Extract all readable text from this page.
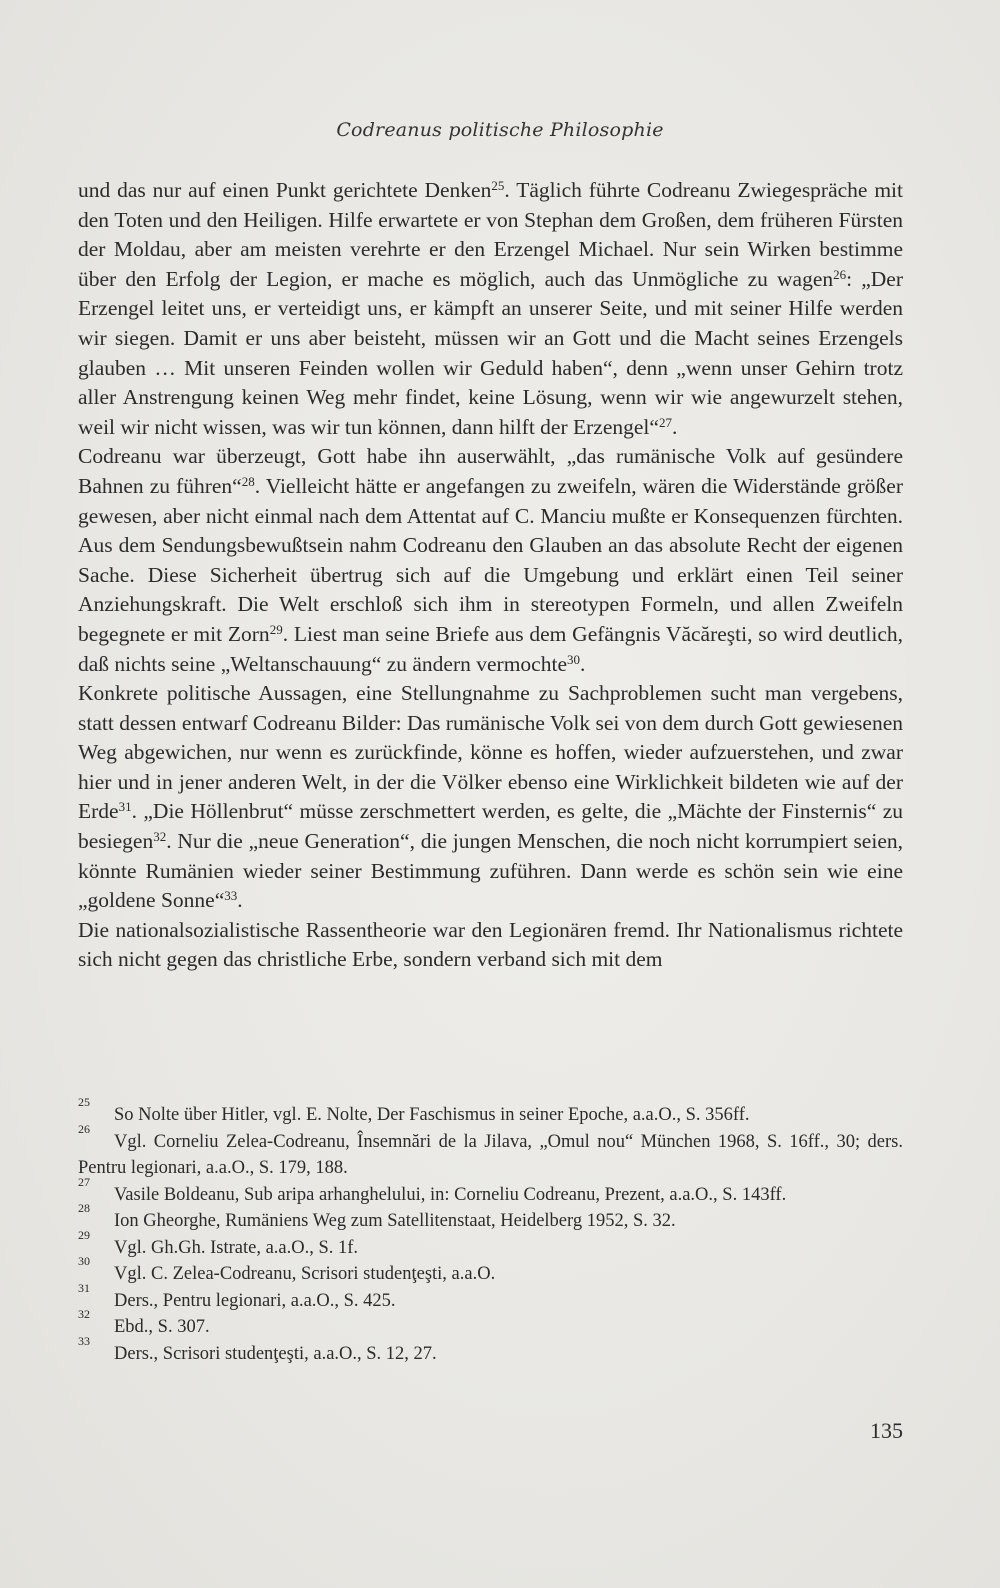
Codreanus politische Philosophie

und das nur auf einen Punkt gerichtete Denken$^{25}$. Täglich führte Codreanu Zwiegespräche mit den Toten und den Heiligen. Hilfe erwartete er von Stephan dem Großen, dem früheren Fürsten der Moldau, aber am meisten verehrte er den Erzengel Michael. Nur sein Wirken bestimme über den Erfolg der Legion, er mache es möglich, auch das Unmögliche zu wagen$^{26}$: „Der Erzengel leitet uns, er verteidigt uns, er kämpft an unserer Seite, und mit seiner Hilfe werden wir siegen. Damit er uns aber beisteht, müssen wir an Gott und die Macht seines Erzengels glauben … Mit unseren Feinden wollen wir Geduld haben“, denn „wenn unser Gehirn trotz aller Anstrengung keinen Weg mehr findet, keine Lösung, wenn wir wie angewurzelt stehen, weil wir nicht wissen, was wir tun können, dann hilft der Erzengel“$^{27}$.

Codreanu war überzeugt, Gott habe ihn auserwählt, „das rumänische Volk auf gesündere Bahnen zu führen“$^{28}$. Vielleicht hätte er angefangen zu zweifeln, wären die Widerstände größer gewesen, aber nicht einmal nach dem Attentat auf C. Manciu mußte er Konsequenzen fürchten. Aus dem Sendungsbewußtsein nahm Codreanu den Glauben an das absolute Recht der eigenen Sache. Diese Sicherheit übertrug sich auf die Umgebung und erklärt einen Teil seiner Anziehungskraft. Die Welt erschloß sich ihm in stereotypen Formeln, und allen Zweifeln begegnete er mit Zorn$^{29}$. Liest man seine Briefe aus dem Gefängnis Văcăreşti, so wird deutlich, daß nichts seine „Weltanschauung“ zu ändern vermochte$^{30}$.

Konkrete politische Aussagen, eine Stellungnahme zu Sachproblemen sucht man vergebens, statt dessen entwarf Codreanu Bilder: Das rumänische Volk sei von dem durch Gott gewiesenen Weg abgewichen, nur wenn es zurückfinde, könne es hoffen, wieder aufzuerstehen, und zwar hier und in jener anderen Welt, in der die Völker ebenso eine Wirklichkeit bildeten wie auf der Erde$^{31}$. „Die Höllenbrut“ müsse zerschmettert werden, es gelte, die „Mächte der Finsternis“ zu besiegen$^{32}$. Nur die „neue Generation“, die jungen Menschen, die noch nicht korrumpiert seien, könnte Rumänien wieder seiner Bestimmung zuführen. Dann werde es schön sein wie eine „goldene Sonne“$^{33}$.

Die nationalsozialistische Rassentheorie war den Legionären fremd. Ihr Nationalismus richtete sich nicht gegen das christliche Erbe, sondern verband sich mit dem

25
So Nolte über Hitler, vgl. E. Nolte, Der Faschismus in seiner Epoche, a.a.O., S. 356ff.
26
Vgl. Corneliu Zelea-Codreanu, Însemnări de la Jilava, „Omul nou“ München 1968, S. 16ff., 30; ders. Pentru legionari, a.a.O., S. 179, 188.
27
Vasile Boldeanu, Sub aripa arhanghelului, in: Corneliu Codreanu, Prezent, a.a.O., S. 143ff.
28
Ion Gheorghe, Rumäniens Weg zum Satellitenstaat, Heidelberg 1952, S. 32.
29
Vgl. Gh.Gh. Istrate, a.a.O., S. 1f.
30
Vgl. C. Zelea-Codreanu, Scrisori studenţeşti, a.a.O.
31
Ders., Pentru legionari, a.a.O., S. 425.
32
Ebd., S. 307.
33
Ders., Scrisori studenţeşti, a.a.O., S. 12, 27.
135
